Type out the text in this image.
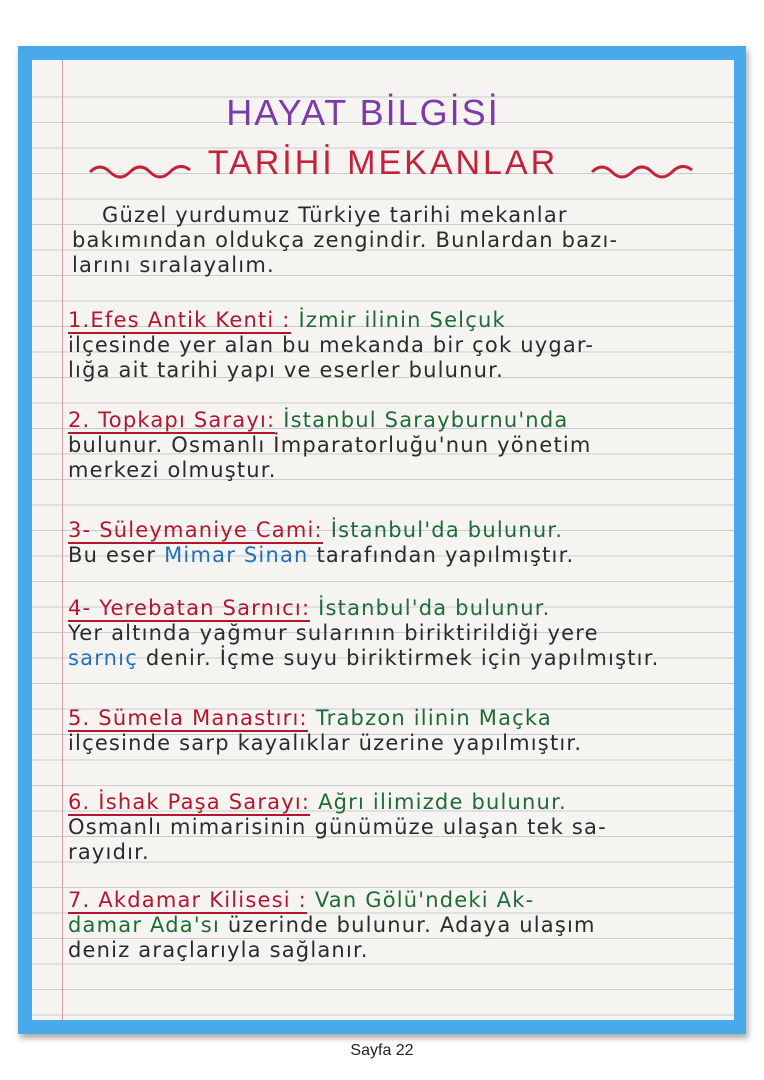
HAYAT BİLGİSİ
TARİHİ MEKANLAR
Güzel yurdumuz Türkiye tarihi mekanlar
bakımından oldukça zengindir. Bunlardan bazı-
larını sıralayalım.
1.Efes Antik Kenti : İzmir ilinin Selçuk
ilçesinde yer alan bu mekanda bir çok uygar-
lığa ait tarihi yapı ve eserler bulunur.
2. Topkapı Sarayı: İstanbul Sarayburnu'nda
bulunur. Osmanlı İmparatorluğu'nun yönetim
merkezi olmuştur.
3- Süleymaniye Cami: İstanbul'da bulunur.
Bu eser Mimar Sinan tarafından yapılmıştır.
4- Yerebatan Sarnıcı: İstanbul'da bulunur.
Yer altında yağmur sularının biriktirildiği yere
sarnıç denir. İçme suyu biriktirmek için yapılmıştır.
5. Sümela Manastırı: Trabzon ilinin Maçka
ilçesinde sarp kayalıklar üzerine yapılmıştır.
6. İshak Paşa Sarayı: Ağrı ilimizde bulunur.
Osmanlı mimarisinin günümüze ulaşan tek sa-
rayıdır.
7. Akdamar Kilisesi : Van Gölü'ndeki Ak-
damar Ada'sı üzerinde bulunur. Adaya ulaşım
deniz araçlarıyla sağlanır.
Sayfa 22
